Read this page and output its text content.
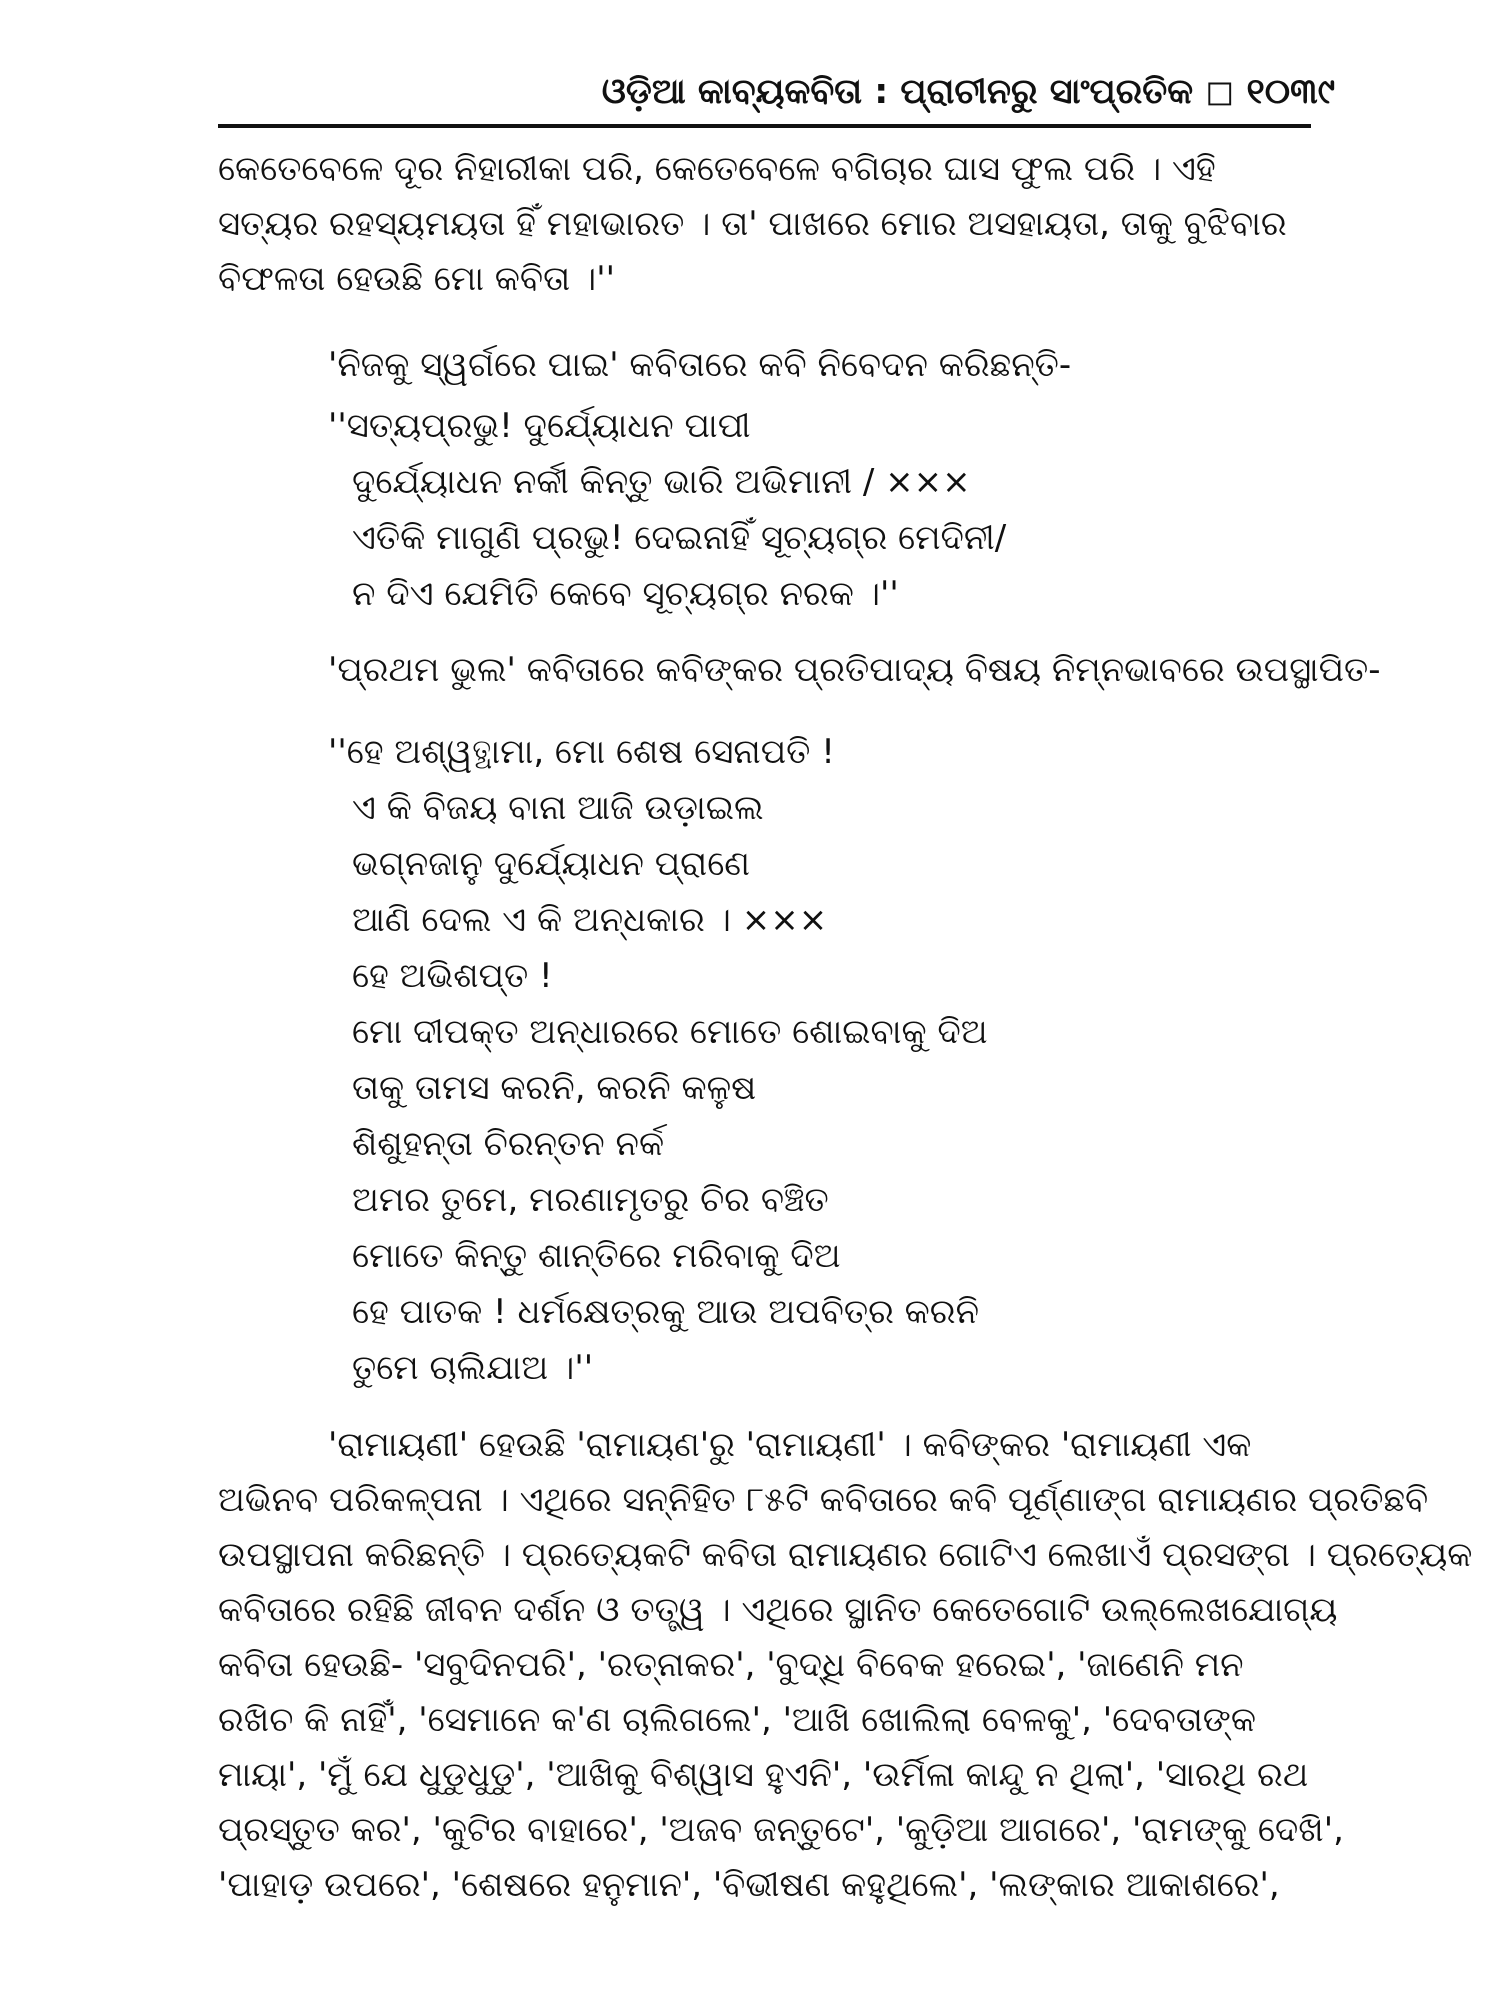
ଓଡ଼ିଆ କାବ୍ୟକବିତା : ପ୍ରାଚୀନରୁ ସାଂପ୍ରତିକ ◻ ୧୦୩୯
କେତେବେଳେ ଦୂର ନିହାରୀକା ପରି, କେତେବେଳେ ବଗିଚାର ଘାସ ଫୁଲ ପରି । ଏହି
ସତ୍ୟର ରହସ୍ୟମୟତା ହିଁ ମହାଭାରତ । ତା' ପାଖରେ ମୋର ଅସହାୟତା, ତାକୁ ବୁଝିବାର
ବିଫଳତା ହେଉଛି ମୋ କବିତା ।''
'ନିଜକୁ ସ୍ୱର୍ଗରେ ପାଇ' କବିତାରେ କବି ନିବେଦନ କରିଛନ୍ତି-
''ସତ୍ୟପ୍ରଭୁ! ଦୁର୍ଯ୍ୟୋଧନ ପାପୀ
ଦୁର୍ଯ୍ୟୋଧନ ନର୍କୀ କିନ୍ତୁ ଭାରି ଅଭିମାନୀ / ×××
ଏତିକି ମାଗୁଣି ପ୍ରଭୁ! ଦେଇନାହିଁ ସୂଚ୍ୟଗ୍ର ମେଦିନୀ/
ନ ଦିଏ ଯେମିତି କେବେ ସୂଚ୍ୟଗ୍ର ନରକ ।''
'ପ୍ରଥମ ଭୁଲ' କବିତାରେ କବିଙ୍କର ପ୍ରତିପାଦ୍ୟ ବିଷୟ ନିମ୍ନଭାବରେ ଉପସ୍ଥାପିତ-
''ହେ ଅଶ୍ୱତ୍ଥାମା, ମୋ ଶେଷ ସେନାପତି !
ଏ କି ବିଜୟ ବାନା ଆଜି ଉଡ଼ାଇଲ
ଭଗ୍ନଜାନୁ ଦୁର୍ଯ୍ୟୋଧନ ପ୍ରାଣେ
ଆଣି ଦେଲ ଏ କି ଅନ୍ଧକାର । ×××
ହେ ଅଭିଶପ୍ତ !
ମୋ ଦୀପକ୍ତ ଅନ୍ଧାରରେ ମୋତେ ଶୋଇବାକୁ ଦିଅ
ତାକୁ ତାମସ କରନି, କରନି କଳୁଷ
ଶିଶୁହନ୍ତା ଚିରନ୍ତନ ନର୍କ
ଅମର ତୁମେ, ମରଣାମୃତରୁ ଚିର ବଞ୍ଚିତ
ମୋତେ କିନ୍ତୁ ଶାନ୍ତିରେ ମରିବାକୁ ଦିଅ
ହେ ପାତକ ! ଧର୍ମକ୍ଷେତ୍ରକୁ ଆଉ ଅପବିତ୍ର କରନି
ତୁମେ ଚାଲିଯାଅ ।''
'ରାମାୟଣୀ' ହେଉଛି 'ରାମାୟଣ'ରୁ 'ରାମାୟଣୀ' । କବିଙ୍କର 'ରାମାୟଣୀ ଏକ
ଅଭିନବ ପରିକଳ୍ପନା । ଏଥିରେ ସନ୍ନିହିତ ୮୫ଟି କବିତାରେ କବି ପୂର୍ଣ୍ଣାଙ୍ଗ ରାମାୟଣର ପ୍ରତିଛବି
ଉପସ୍ଥାପନା କରିଛନ୍ତି । ପ୍ରତ୍ୟେକଟି କବିତା ରାମାୟଣର ଗୋଟିଏ ଲେଖାଏଁ ପ୍ରସଙ୍ଗ । ପ୍ରତ୍ୟେକ
କବିତାରେ ରହିଛି ଜୀବନ ଦର୍ଶନ ଓ ତତ୍ତ୍ୱ । ଏଥିରେ ସ୍ଥାନିତ କେତେଗୋଟି ଉଲ୍ଲେଖଯୋଗ୍ୟ
କବିତା ହେଉଛି- 'ସବୁଦିନପରି', 'ରତ୍ନାକର', 'ବୁଦ୍ଧି ବିବେକ ହରେଇ', 'ଜାଣେନି ମନ
ରଖିଚ କି ନାହିଁ', 'ସେମାନେ କ'ଣ ଚାଲିଗଲେ', 'ଆଖି ଖୋଲିଲା ବେଳକୁ', 'ଦେବତାଙ୍କ
ମାୟା', 'ମୁଁ ଯେ ଧୁଡୁଧୁଡୁ', 'ଆଖିକୁ ବିଶ୍ୱାସ ହୁଏନି', 'ଉର୍ମିଳା କାନ୍ଦୁ ନ ଥିଲା', 'ସାରଥି ରଥ
ପ୍ରସ୍ତୁତ କର', 'କୁଟିର ବାହାରେ', 'ଅଜବ ଜନ୍ତୁଟେ', 'କୁଡ଼ିଆ ଆଗରେ', 'ରାମଙ୍କୁ ଦେଖି',
'ପାହାଡ଼ ଉପରେ', 'ଶେଷରେ ହନୁମାନ', 'ବିଭୀଷଣ କହୁଥିଲେ', 'ଲଙ୍କାର ଆକାଶରେ',
